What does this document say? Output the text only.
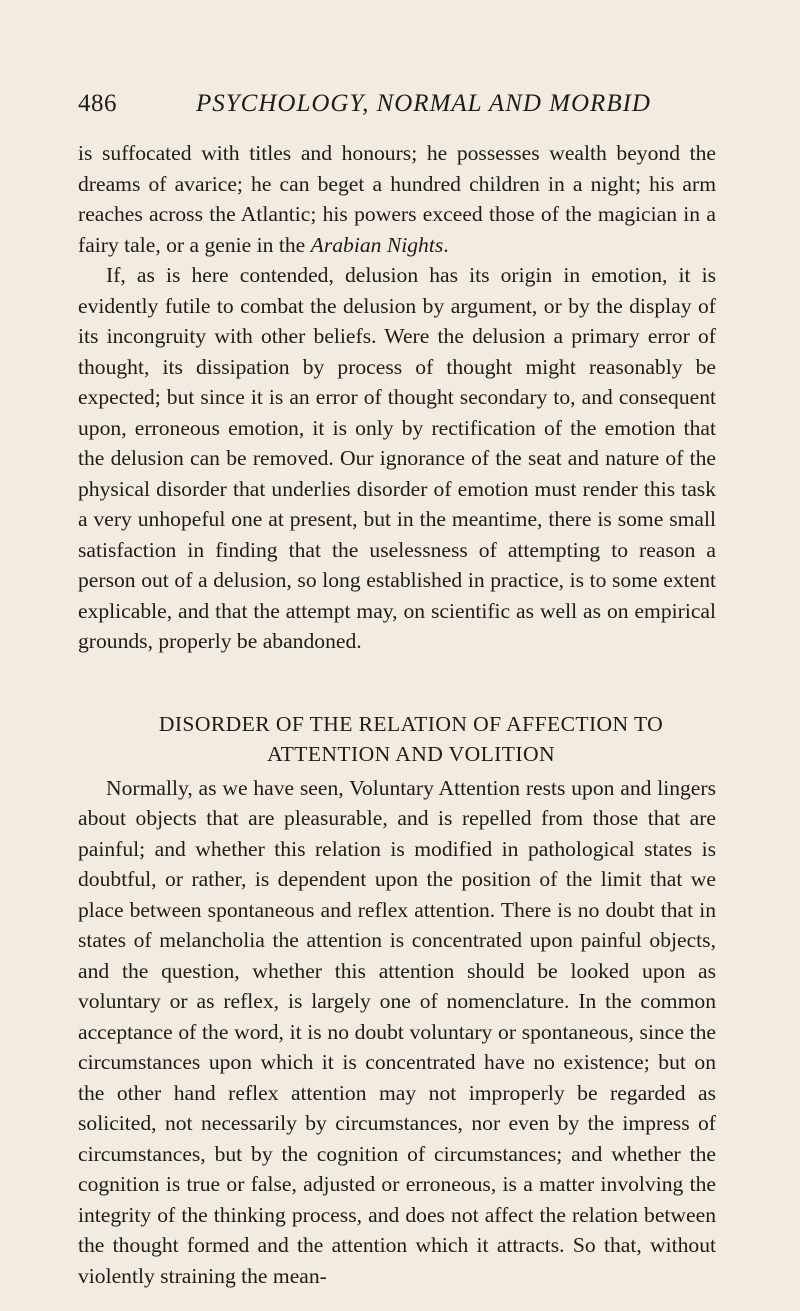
486	PSYCHOLOGY, NORMAL AND MORBID

is suffocated with titles and honours; he possesses wealth beyond the dreams of avarice; he can beget a hundred children in a night; his arm reaches across the Atlantic; his powers exceed those of the magician in a fairy tale, or a genie in the Arabian Nights.

If, as is here contended, delusion has its origin in emotion, it is evidently futile to combat the delusion by argument, or by the display of its incongruity with other beliefs. Were the delusion a primary error of thought, its dissipation by process of thought might reasonably be expected; but since it is an error of thought secondary to, and consequent upon, erroneous emotion, it is only by rectification of the emotion that the delusion can be removed. Our ignorance of the seat and nature of the physical disorder that underlies disorder of emotion must render this task a very unhopeful one at present, but in the meantime, there is some small satisfaction in finding that the uselessness of attempting to reason a person out of a delusion, so long established in practice, is to some extent explicable, and that the attempt may, on scientific as well as on empirical grounds, properly be abandoned.

DISORDER OF THE RELATION OF AFFECTION TO

ATTENTION AND VOLITION

Normally, as we have seen, Voluntary Attention rests upon and lingers about objects that are pleasurable, and is repelled from those that are painful; and whether this relation is modified in pathological states is doubtful, or rather, is dependent upon the position of the limit that we place between spontaneous and reflex attention. There is no doubt that in states of melancholia the attention is concentrated upon painful objects, and the question, whether this attention should be looked upon as voluntary or as reflex, is largely one of nomenclature. In the common acceptance of the word, it is no doubt voluntary or spontaneous, since the circumstances upon which it is concentrated have no existence; but on the other hand reflex attention may not improperly be regarded as solicited, not necessarily by circumstances, nor even by the impress of circumstances, but by the cognition of circumstances; and whether the cognition is true or false, adjusted or erroneous, is a matter involving the integrity of the thinking process, and does not affect the relation between the thought formed and the attention which it attracts. So that, without violently straining the mean-
